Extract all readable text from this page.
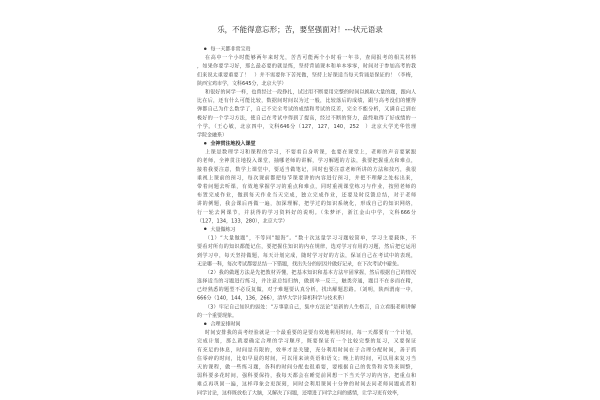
乐，不能得意忘形；苦，要坚强面对！---状元语录
每一天都非常宝贵
在高中一个小时能够两年来时光，苦苦可能两个小时看一年书，查阅报考的相关材料
，如果你要学习好，那么最必要的就是练，坚持背诵课本和单本零零，时间对于参加高考的我
们来说太重要重要了！　）并不需要你下苦死做，坚持上好课适当每天背诵是保证的！（李梅，
陕西宝鸡市学，文科645分，北京大学）
和很好的同学一样，也曾经过一段挣扎，试过用不断要用完整的时间以换取大量的题，跟向人
比在后，还有什么可能比较，数据间时间以为过一般，比较落后的成绩，跟与高考没们的懂得
弹都自己为什么数学了，自己不完全考试的成绩和考试的反差，完全不能分析，又满自己到在
极好的一个学习方法，使自己在考试中得到了提高，经过不断的努力，最终取得了好成绩的一
个学。（王心敏，北京四中，文科646分（127，127，140，252　）北京大学光华管理
学院金融系）
全神贯注地投入课堂
上课是数理学习和课程的学习，不要看自身听课，也要在课堂上，老师的声音要紧跟
的老师，全神贯注地投入课堂，抽哪老师的讲解，学习解题的方法，我要把握重点和难点，
接着我要注意，数学上课堂中，要适当做笔记，同时也要注意老师所讲的方法和技巧，我很
重视上课前的预习，每次课前都把每节课要讲的内容进行预习，并把不理解之处标出来，
带着问题去听课，有效地掌握学习的重点和难点，同时重视课堂练习与作业，按照老师的
布置完成作业，做到每天作业当天完成，独立完成作业，还要及时反馈总结，对于老师
讲的例题，我会课后再做一遍，加深理解，把学过的知识系统化，形成自己的知识网络，
行一轮去网课节，并获得的学习资料好的说明。（朱梦评，浙江金山中学，文科666分
（127，134，133，280），北京大学）
大量做练习
（1）“大量做题”，不等同“题海”。“数十次这量学习习题较简单，学习主要载体，不
要看对所有的知识都能记住，要把握住知识的内在规律，选对学习有用的习题，然后把它运用
到学习中，每天坚持做题，每天计划完成，随时学习好的方法，保证自己在考试中的表现，
无论哪一科，每次考试都要总结一下错题，找出失分的原因并做好记录，在下次考试中避免。
（2）我的做题方法是先把教材弄懂，把基本知识和基本方法牢固掌握，然后根据自己的情况
选择适当的习题进行练习，并注意总结归纳，做到举一反三，触类旁通，题目不在多而在精，
已经熟悉的题型不必反复做，对于难题要认真分析，找出解题思路。（刘明，陕西渭南一中，
666分（140，144，136，266），清华大学计算机科学与技术系）
（3）牢记自己知识的弱处：“万事靠自己，集中方法论”是新的人生格言，自立看服老师讲解
的一个重要现象。
合理安排时间
时间安排我的高考经验就是一个最重要的是要有效地利用时间，每一天都要有一个计划，
完成计划，那么就要确定合理的学习顺序，既要保证有一个比较完整的复习，又要保证
有充足的休息，时间是有限的，效率才是关键，充分利用时间在于合理分配时间，善于抓
住零碎的时间，比如早晨的时间，可以用来读英语和语文；晚上的时间，可以用来复习当
天的课程，做一些练习题，各科的时间分配也很重要，要根据自己的优势和劣势来调整，
弱科要多花时间，强科要保持，我每天都会在睡觉前回想一下当天学习的内容，把重点和
难点再巩固一遍，这样印象会更深刻，同时会利用课间十分钟的时间去问老师问题或者和
同学讨论，这样既放松了大脑，又解决了问题，还增进了同学之间的感情，让学习更有效率，
